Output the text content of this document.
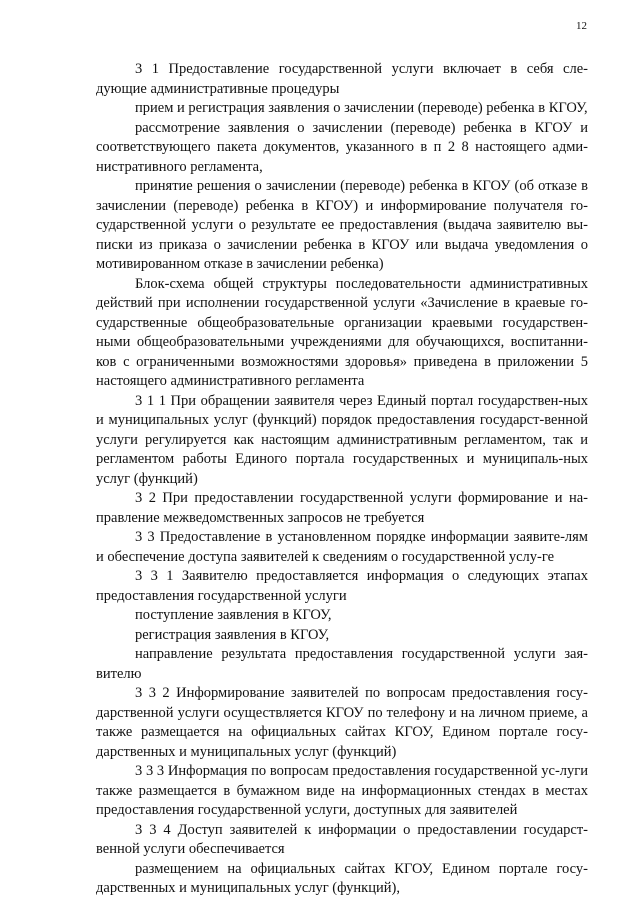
12

3 1 Предоставление государственной услуги включает в себя сле-дующие административные процедуры

прием и регистрация заявления о зачислении (переводе) ребенка в КГОУ,

рассмотрение заявления о зачислении (переводе) ребенка в КГОУ и соответствующего пакета документов, указанного в п 2 8 настоящего адми-нистративного регламента,

принятие решения о зачислении (переводе) ребенка в КГОУ (об отказе в зачислении (переводе) ребенка в КГОУ) и информирование получателя го-сударственной услуги о результате ее предоставления (выдача заявителю вы-писки из приказа о зачислении ребенка в КГОУ или выдача уведомления о мотивированном отказе в зачислении ребенка)

Блок-схема общей структуры последовательности административных действий при исполнении государственной услуги «Зачисление в краевые го-сударственные общеобразовательные организации краевыми государствен-ными общеобразовательными учреждениями для обучающихся, воспитанни-ков с ограниченными возможностями здоровья» приведена в приложении 5 настоящего административного регламента

3 1 1 При обращении заявителя через Единый портал государствен-ных и муниципальных услуг (функций) порядок предоставления государст-венной услуги регулируется как настоящим административным регламентом, так и регламентом работы Единого портала государственных и муниципаль-ных услуг (функций)

3 2 При предоставлении государственной услуги формирование и на-правление межведомственных запросов не требуется

3 3 Предоставление в установленном порядке информации заявите-лям и обеспечение доступа заявителей к сведениям о государственной услу-ге

3 3 1 Заявителю предоставляется информация о следующих этапах предоставления государственной услуги

поступление заявления в КГОУ,

регистрация заявления в КГОУ,

направление результата предоставления государственной услуги зая-вителю

3 3 2 Информирование заявителей по вопросам предоставления госу-дарственной услуги осуществляется КГОУ по телефону и на личном приеме, а также размещается на официальных сайтах КГОУ, Едином портале госу-дарственных и муниципальных услуг (функций)

3 3 3 Информация по вопросам предоставления государственной ус-луги также размещается в бумажном виде на информационных стендах в местах предоставления государственной услуги, доступных для заявителей

3 3 4 Доступ заявителей к информации о предоставлении государст-венной услуги обеспечивается

размещением на официальных сайтах КГОУ, Едином портале госу-дарственных и муниципальных услуг (функций),
